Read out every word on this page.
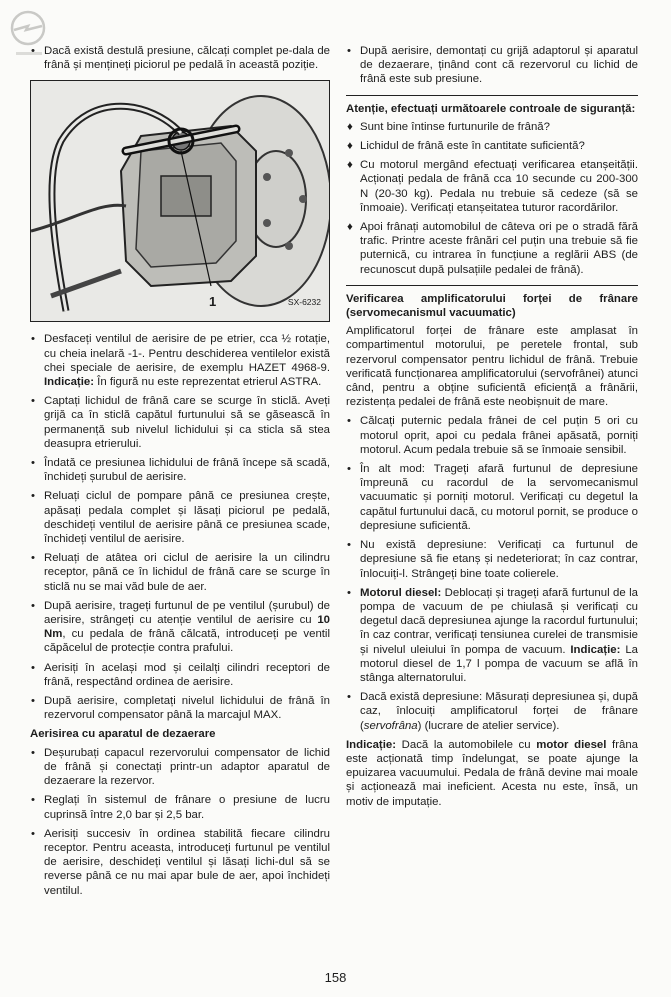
• Dacă există destulă presiune, călcați complet pe-dala de frână și mențineți piciorul pe pedală în această poziție.
1	SX-6232
• Desfaceți ventilul de aerisire de pe etrier, cca ½ rotație, cu cheia inelară -1-. Pentru deschiderea ventilelor există chei speciale de aerisire, de exemplu HAZET 4968-9. Indicație: În figură nu este reprezentat etrierul ASTRA.
• Captați lichidul de frână care se scurge în sticlă. Aveți grijă ca în sticlă capătul furtunului să se găsească în permanență sub nivelul lichidului și ca sticla să stea deasupra etrierului.
• Îndată ce presiunea lichidului de frână începe să scadă, închideți șurubul de aerisire.
• Reluați ciclul de pompare până ce presiunea crește, apăsați pedala complet și lăsați piciorul pe pedală, deschideți ventilul de aerisire până ce presiunea scade, închideți ventilul de aerisire.
• Reluați de atâtea ori ciclul de aerisire la un cilindru receptor, până ce în lichidul de frână care se scurge în sticlă nu se mai văd bule de aer.
• După aerisire, trageți furtunul de pe ventilul (șurubul) de aerisire, strângeți cu atenție ventilul de aerisire cu 10 Nm, cu pedala de frână călcată, introduceți pe ventil căpăcelul de protecție contra prafului.
• Aerisiți în același mod și ceilalți cilindri receptori de frână, respectând ordinea de aerisire.
• După aerisire, completați nivelul lichidului de frână în rezervorul compensator până la marcajul MAX.
Aerisirea cu aparatul de dezaerare
• Deșurubați capacul rezervorului compensator de lichid de frână și conectați printr-un adaptor aparatul de dezaerare la rezervor.
• Reglați în sistemul de frânare o presiune de lucru cuprinsă între 2,0 bar și 2,5 bar.
• Aerisiți succesiv în ordinea stabilită fiecare cilindru receptor. Pentru aceasta, introduceți furtunul pe ventilul de aerisire, deschideți ventilul și lăsați lichi-dul să se reverse până ce nu mai apar bule de aer, apoi închideți ventilul.
• După aerisire, demontați cu grijă adaptorul și aparatul de dezaerare, ținând cont că rezervorul cu lichid de frână este sub presiune.
Atenție, efectuați următoarele controale de siguranță:
♦ Sunt bine întinse furtunurile de frână?
♦ Lichidul de frână este în cantitate suficientă?
♦ Cu motorul mergând efectuați verificarea etanșeității. Acționați pedala de frână cca 10 secunde cu 200-300 N (20-30 kg). Pedala nu trebuie să cedeze (să se înmoaie). Verificați etanșeitatea tuturor racordărilor.
♦ Apoi frânați automobilul de câteva ori pe o stradă fără trafic. Printre aceste frânări cel puțin una trebuie să fie puternică, cu intrarea în funcțiune a reglării ABS (de recunoscut după pulsațiile pedalei de frână).
Verificarea amplificatorului forței de frânare (servomecanismul vacuumatic)

Amplificatorul forței de frânare este amplasat în compartimentul motorului, pe peretele frontal, sub rezervorul compensator pentru lichidul de frână. Trebuie verificată funcționarea amplificatorului (servofrânei) atunci când, pentru a obține suficientă eficiență a frânării, rezistența pedalei de frână este neobișnuit de mare.

• Călcați puternic pedala frânei de cel puțin 5 ori cu motorul oprit, apoi cu pedala frânei apăsată, porniți motorul. Acum pedala trebuie să se înmoaie sensibil.
• În alt mod: Trageți afară furtunul de depresiune împreună cu racordul de la servomecanismul vacuumatic și porniți motorul. Verificați cu degetul la capătul furtunului dacă, cu motorul pornit, se produce o depresiune suficientă.
• Nu există depresiune: Verificați ca furtunul de depresiune să fie etanș și nedeteriorat; în caz contrar, înlocuiți-l. Strângeți bine toate colierele.
• Motorul diesel: Deblocați și trageți afară furtunul de la pompa de vacuum de pe chiulasă și verificați cu degetul dacă depresiunea ajunge la racordul furtunului; în caz contrar, verificați tensiunea curelei de transmisie și nivelul uleiului în pompa de vacuum. Indicație: La motorul diesel de 1,7 l pompa de vacuum se află în stânga alternatorului.
• Dacă există depresiune: Măsurați depresiunea și, după caz, înlocuiți amplificatorul forței de frânare (servofrâna) (lucrare de atelier service).

Indicație: Dacă la automobilele cu motor diesel frâna este acționată timp îndelungat, se poate ajunge la epuizarea vacuumului. Pedala de frână devine mai moale și acționează mai ineficient. Acesta nu este, însă, un motiv de imputație.

158
